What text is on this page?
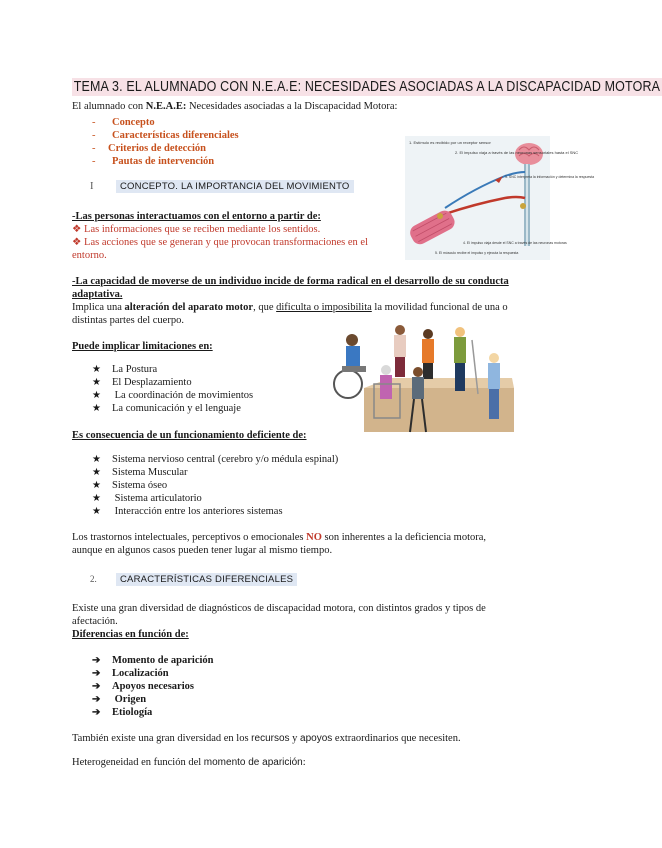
TEMA 3. EL ALUMNADO CON N.E.A.E: NECESIDADES ASOCIADAS A LA DISCAPACIDAD MOTORA
El alumnado con N.E.A.E: Necesidades asociadas a la Discapacidad Motora:
- Concepto
- Características diferenciales
- Criterios de detección
- Pautas de intervención
1. Estímulo es recibido por un receptor sensor
2. El impulso viaja a través de las neuronas sensoriales hasta el SNC
3. SNC interpreta la información y determina la respuesta
4. El impulso viaja desde el SNC a través de las neuronas motoras
5. El músculo recibe el impulso y ejecuta la respuesta
I	CONCEPTO. LA IMPORTANCIA DEL MOVIMIENTO
-Las personas interactuamos con el entorno a partir de:
❖ Las informaciones que se reciben mediante los sentidos.
❖ Las acciones que se generan y que provocan transformaciones en el
entorno.
-La capacidad de moverse de un individuo incide de forma radical en el desarrollo de su conducta
adaptativa.
Implica una alteración del aparato motor, que dificulta o imposibilita la movilidad funcional de una o
distintas partes del cuerpo.
Puede implicar limitaciones en:
★ La Postura
★ El Desplazamiento
★ La coordinación de movimientos
★ La comunicación y el lenguaje
Es consecuencia de un funcionamiento deficiente de:
★ Sistema nervioso central (cerebro y/o médula espinal)
★ Sistema Muscular
★ Sistema óseo
★ Sistema articulatorio
★ Interacción entre los anteriores sistemas
Los trastornos intelectuales, perceptivos o emocionales NO son inherentes a la deficiencia motora,
aunque en algunos casos pueden tener lugar al mismo tiempo.
2. CARACTERÍSTICAS DIFERENCIALES
Existe una gran diversidad de diagnósticos de discapacidad motora, con distintos grados y tipos de
afectación.
Diferencias en función de:
➔ Momento de aparición
➔ Localización
➔ Apoyos necesarios
➔ Origen
➔ Etiología
También existe una gran diversidad en los recursos y apoyos extraordinarios que necesiten.
Heterogeneidad en función del momento de aparición:
